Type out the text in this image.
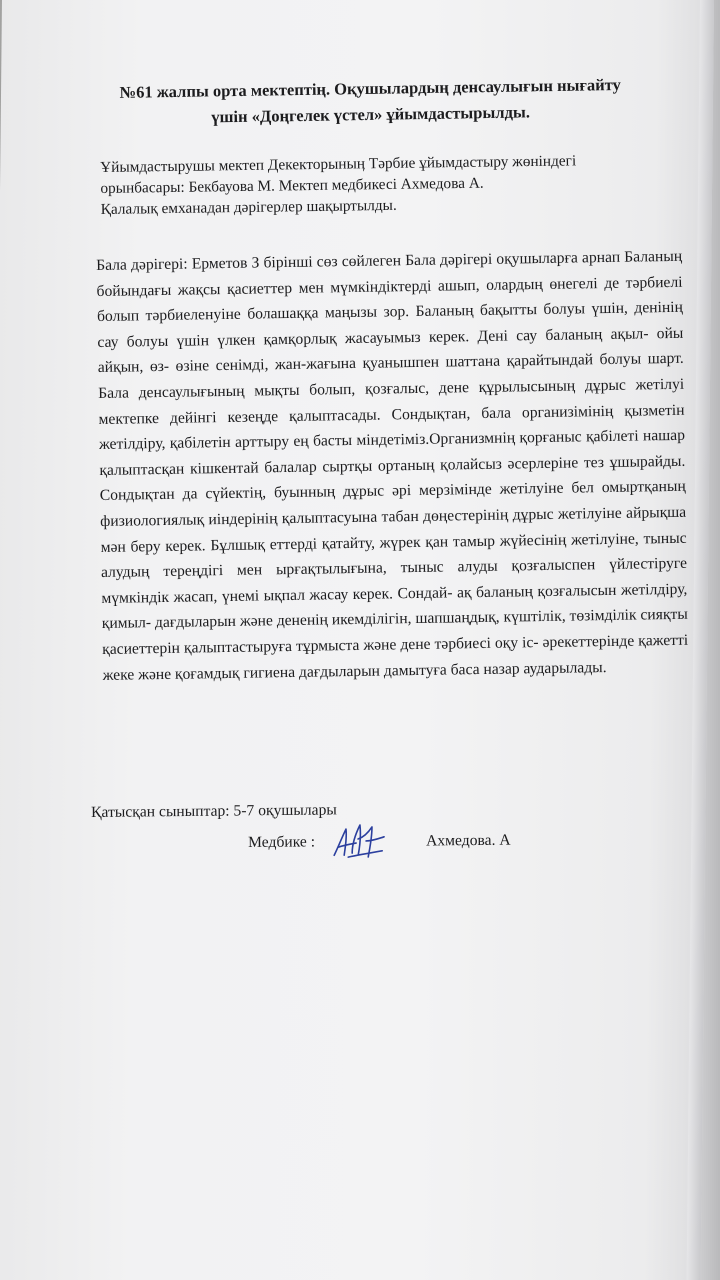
№61 жалпы орта мектептің. Оқушылардың денсаулығын нығайту
үшін «Доңгелек үстел» ұйымдастырылды.
Ұйымдастырушы мектеп Декекторыныӊ Тәрбие ұйымдастыру жөніндегі
орынбасары: Бекбауова М. Мектеп медбикесі Ахмедова А.
Қалалық емханадан дәрігерлер шақыртылды.
Бала дәрігері: Ерметов З бірінші сөз сөйлеген Бала дәрігері оқушыларға арнап Баланың бойындағы жақсы қасиеттер мен мүмкіндіктерді ашып, олардың өнегелі де тәрбиелі болып тәрбиеленуіне болашаққа маңызы зор. Баланың бақытты болуы үшін, денінің сау болуы үшін үлкен қамқорлық жасауымыз керек. Дені сау баланың ақыл- ойы айқын, өз- өзіне сенімді, жан-жағына қуанышпен шаттана қарайтындай болуы шарт. Бала денсаулығының мықты болып, қозғалыс, дене құрылысының дұрыс жетілуі мектепке дейінгі кезеңде қалыптасады. Сондықтан, бала организімінің қызметін жетілдіру, қабілетін арттыру ең басты міндетіміз.Организмнің қорғаныс қабілеті нашар қалыптасқан кішкентай балалар сыртқы ортаның қолайсыз әсерлеріне тез ұшырайды. Сондықтан да сүйектің, буынның дұрыс әрі мерзімінде жетілуіне бел омыртқаның физиологиялық иіндерінің қалыптасуына табан дөңестерінің дұрыс жетілуіне айрықша мән беру керек. Бұлшық еттерді қатайту, жүрек қан тамыр жүйесінің жетілуіне, тыныс алудың тереңдігі мен ырғақтылығына, тыныс алуды қозғалыспен үйлестіруге мүмкіндік жасап, үнемі ықпал жасау керек. Сондай- ақ баланың қозғалысын жетілдіру, қимыл- дағдыларын және дененің икемділігін, шапшаңдық, күштілік, төзімділік сияқты қасиеттерін қалыптастыруға тұрмыста және дене тәрбиесі оқу іс- әрекеттерінде қажетті жеке және қоғамдық гигиена дағдыларын дамытуға баса назар аударылады.
Қатысқан сыныптар: 5-7 оқушылары
Медбике :	Ахмедова. А
